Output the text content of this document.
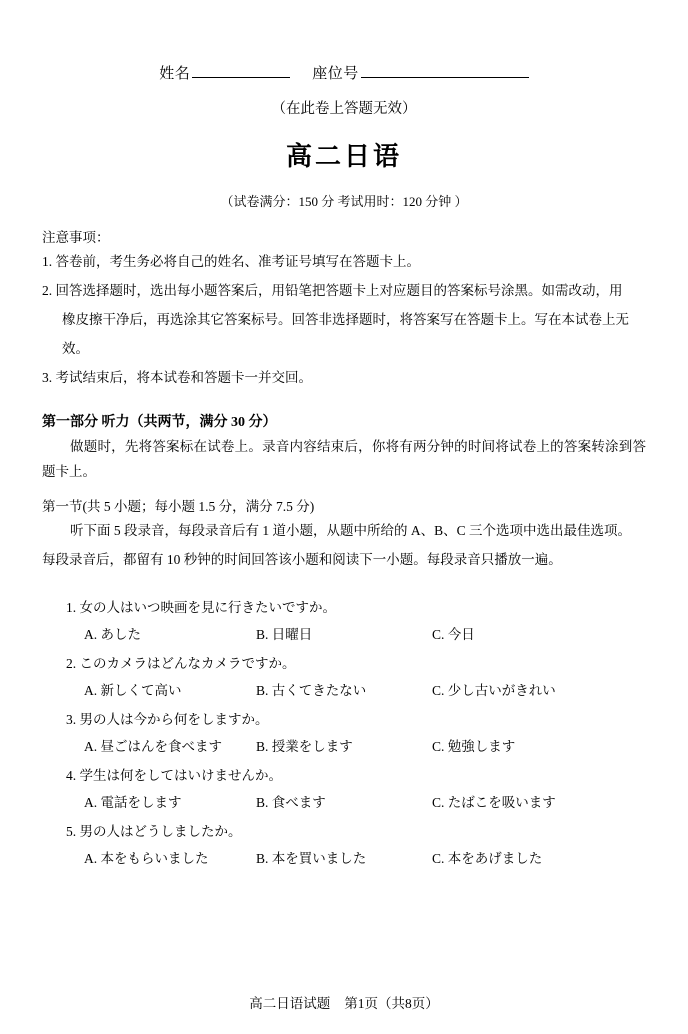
姓名	座位号
（在此卷上答题无效）
高二日语
（试卷满分：150 分 考试用时：120 分钟 ）
注意事项：
1. 答卷前，考生务必将自己的姓名、准考证号填写在答题卡上。
2. 回答选择题时，选出每小题答案后，用铅笔把答题卡上对应题目的答案标号涂黑。如需改动，用
橡皮擦干净后，再选涂其它答案标号。回答非选择题时，将答案写在答题卡上。写在本试卷上无
效。
3. 考试结束后，将本试卷和答题卡一并交回。
第一部分 听力（共两节，满分 30 分）
做题时，先将答案标在试卷上。录音内容结束后，你将有两分钟的时间将试卷上的答案转涂到答题卡上。
第一节(共 5 小题；每小题 1.5 分，满分 7.5 分)
听下面 5 段录音，每段录音后有 1 道小题，从题中所给的 A、B、C 三个选项中选出最佳选项。
每段录音后，都留有 10 秒钟的时间回答该小题和阅读下一小题。每段录音只播放一遍。
1. 女の人はいつ映画を見に行きたいですか。
A. あした	B. 日曜日	C. 今日
2. このカメラはどんなカメラですか。
A. 新しくて高い	B. 古くてきたない	C. 少し古いがきれい
3. 男の人は今から何をしますか。
A. 昼ごはんを食べます	B. 授業をします	C. 勉強します
4. 学生は何をしてはいけませんか。
A. 電話をします	B. 食べます	C. たばこを吸います
5. 男の人はどうしましたか。
A. 本をもらいました	B. 本を買いました	C. 本をあげました
高二日语试题 第1页（共8页）
